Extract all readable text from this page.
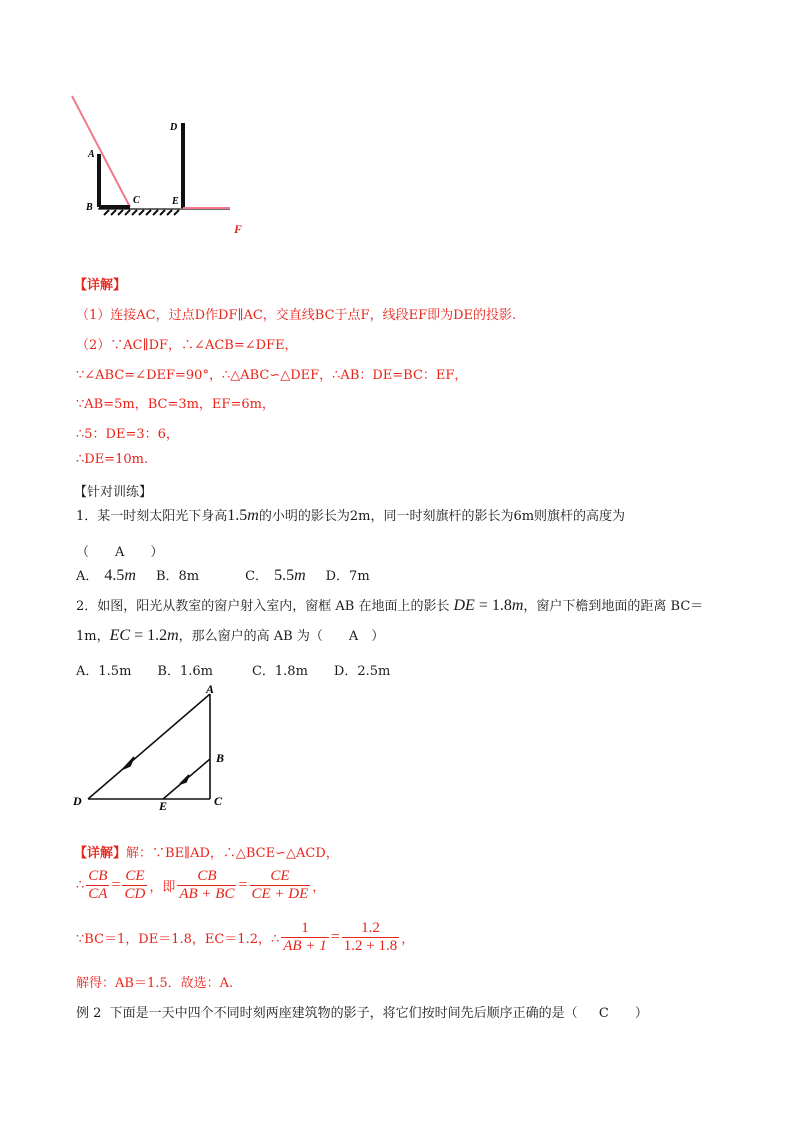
A
B
C
D
E
F
【详解】
（1）连接AC，过点D作DF∥AC，交直线BC于点F，线段EF即为DE的投影.
（2）∵AC∥DF，∴∠ACB=∠DFE，
∵∠ABC=∠DEF=90°，∴△ABC∽△DEF，∴AB：DE=BC：EF，
∵AB=5m，BC=3m，EF=6m，
∴5：DE=3：6，
∴DE=10m.
【针对训练】
1．某一时刻太阳光下身高1.5m的小明的影长为2m，同一时刻旗杆的影长为6m则旗杆的高度为
（　　A　　）
A． 4.5m B．8m	C． 5.5m D．7m
2．如图，阳光从教室的窗户射入室内，窗框 AB 在地面上的影长 DE = 1.8m，窗户下檐到地面的距离 BC＝
1m，EC = 1.2m，那么窗户的高 AB 为（　　A　）
A．1.5m　　B．1.6m　　　C．1.8m　　D．2.5m
A
B
C
D	E
【详解】解：∵BE∥AD，∴△BCE∽△ACD，
∴ $\frac{CB}{CA} = \frac{CE}{CD}$ ，即 $\frac{CB}{AB + BC} = \frac{CE}{CE + DE}$ ，
∵BC＝1，DE＝1.8，EC＝1.2，∴ $\frac{1}{AB + 1} = \frac{1.2}{1.2 + 1.8}$ ，
解得：AB＝1.5．故选：A.
例 2  下面是一天中四个不同时刻两座建筑物的影子，将它们按时间先后顺序正确的是（　  C　　）
